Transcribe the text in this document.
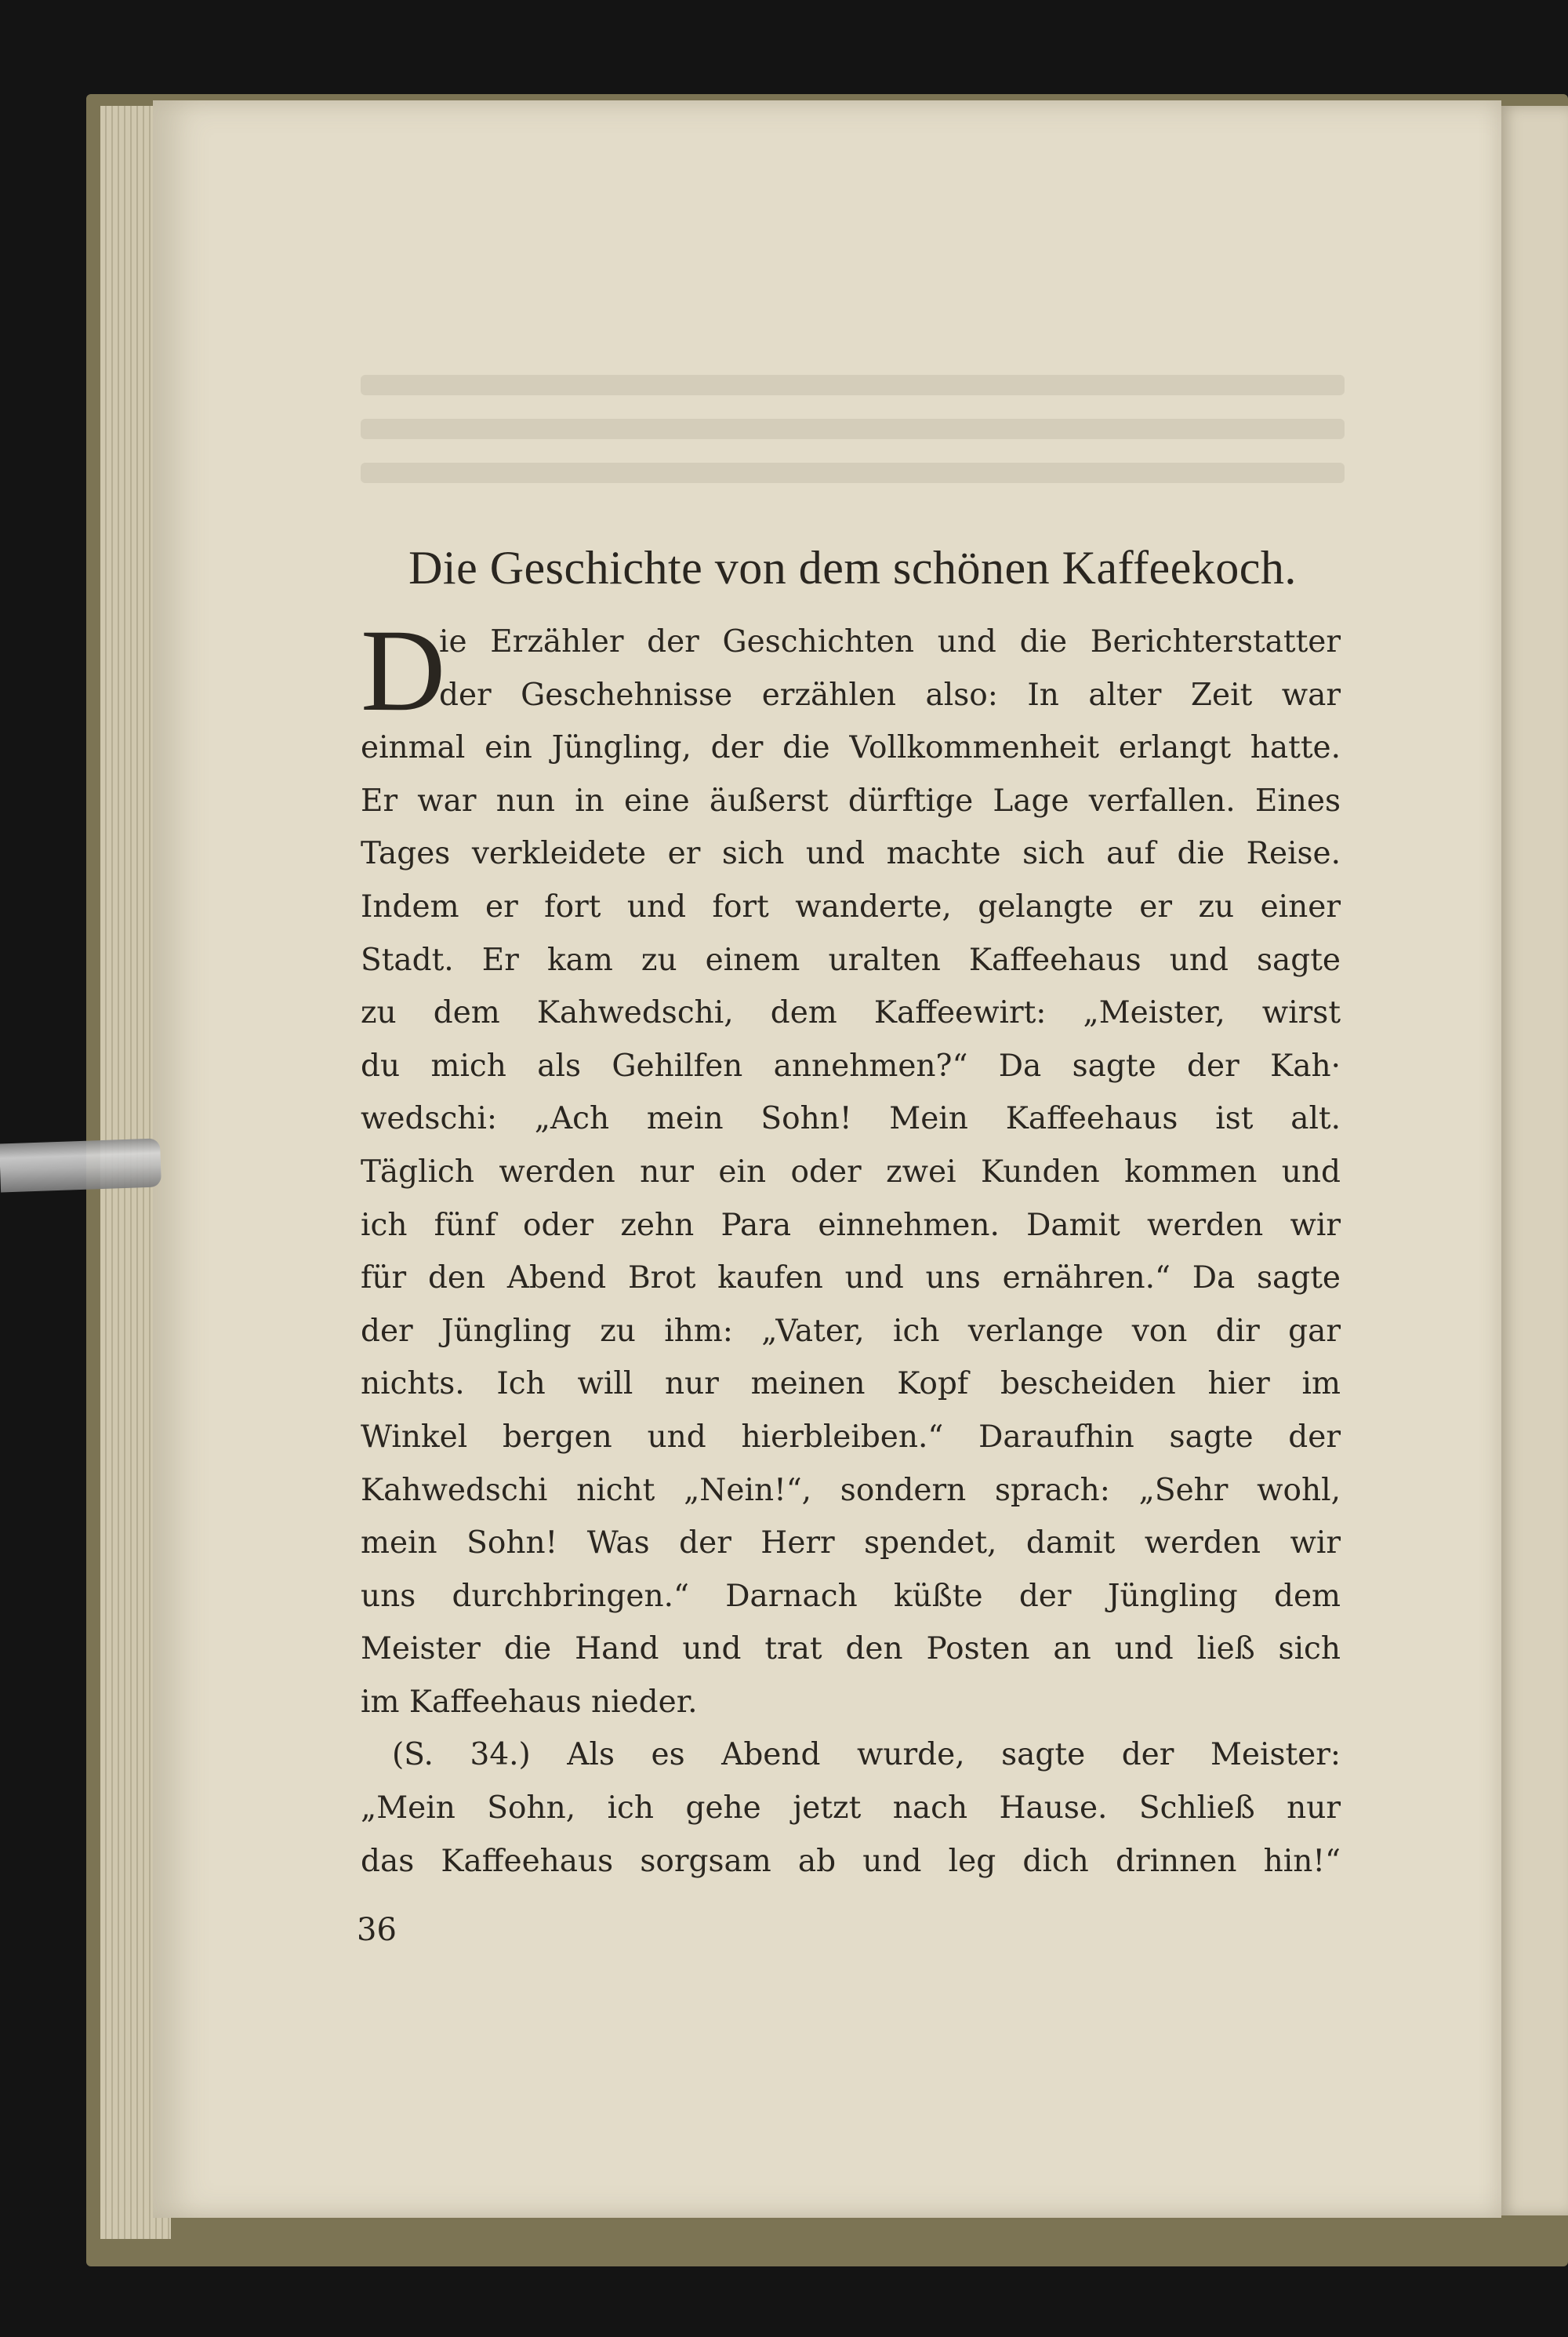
Die Geschichte von dem schönen Kaffeekoch.
D
ie Erzähler der Geschichten und die Berichterstatter
der Geschehnisse erzählen also: In alter Zeit war
einmal ein Jüngling, der die Vollkommenheit erlangt hatte.
Er war nun in eine äußerst dürftige Lage verfallen. Eines
Tages verkleidete er sich und machte sich auf die Reise.
Indem er fort und fort wanderte, gelangte er zu einer
Stadt. Er kam zu einem uralten Kaffeehaus und sagte
zu dem Kahwedschi, dem Kaffeewirt: „Meister, wirst
du mich als Gehilfen annehmen?“ Da sagte der Kah·
wedschi: „Ach mein Sohn! Mein Kaffeehaus ist alt.
Täglich werden nur ein oder zwei Kunden kommen und
ich fünf oder zehn Para einnehmen. Damit werden wir
für den Abend Brot kaufen und uns ernähren.“ Da sagte
der Jüngling zu ihm: „Vater, ich verlange von dir gar
nichts. Ich will nur meinen Kopf bescheiden hier im
Winkel bergen und hierbleiben.“ Daraufhin sagte der
Kahwedschi nicht „Nein!“, sondern sprach: „Sehr wohl,
mein Sohn! Was der Herr spendet, damit werden wir
uns durchbringen.“ Darnach küßte der Jüngling dem
Meister die Hand und trat den Posten an und ließ sich
im Kaffeehaus nieder.
(S. 34.) Als es Abend wurde, sagte der Meister:
„Mein Sohn, ich gehe jetzt nach Hause. Schließ nur
das Kaffeehaus sorgsam ab und leg dich drinnen hin!“
36
